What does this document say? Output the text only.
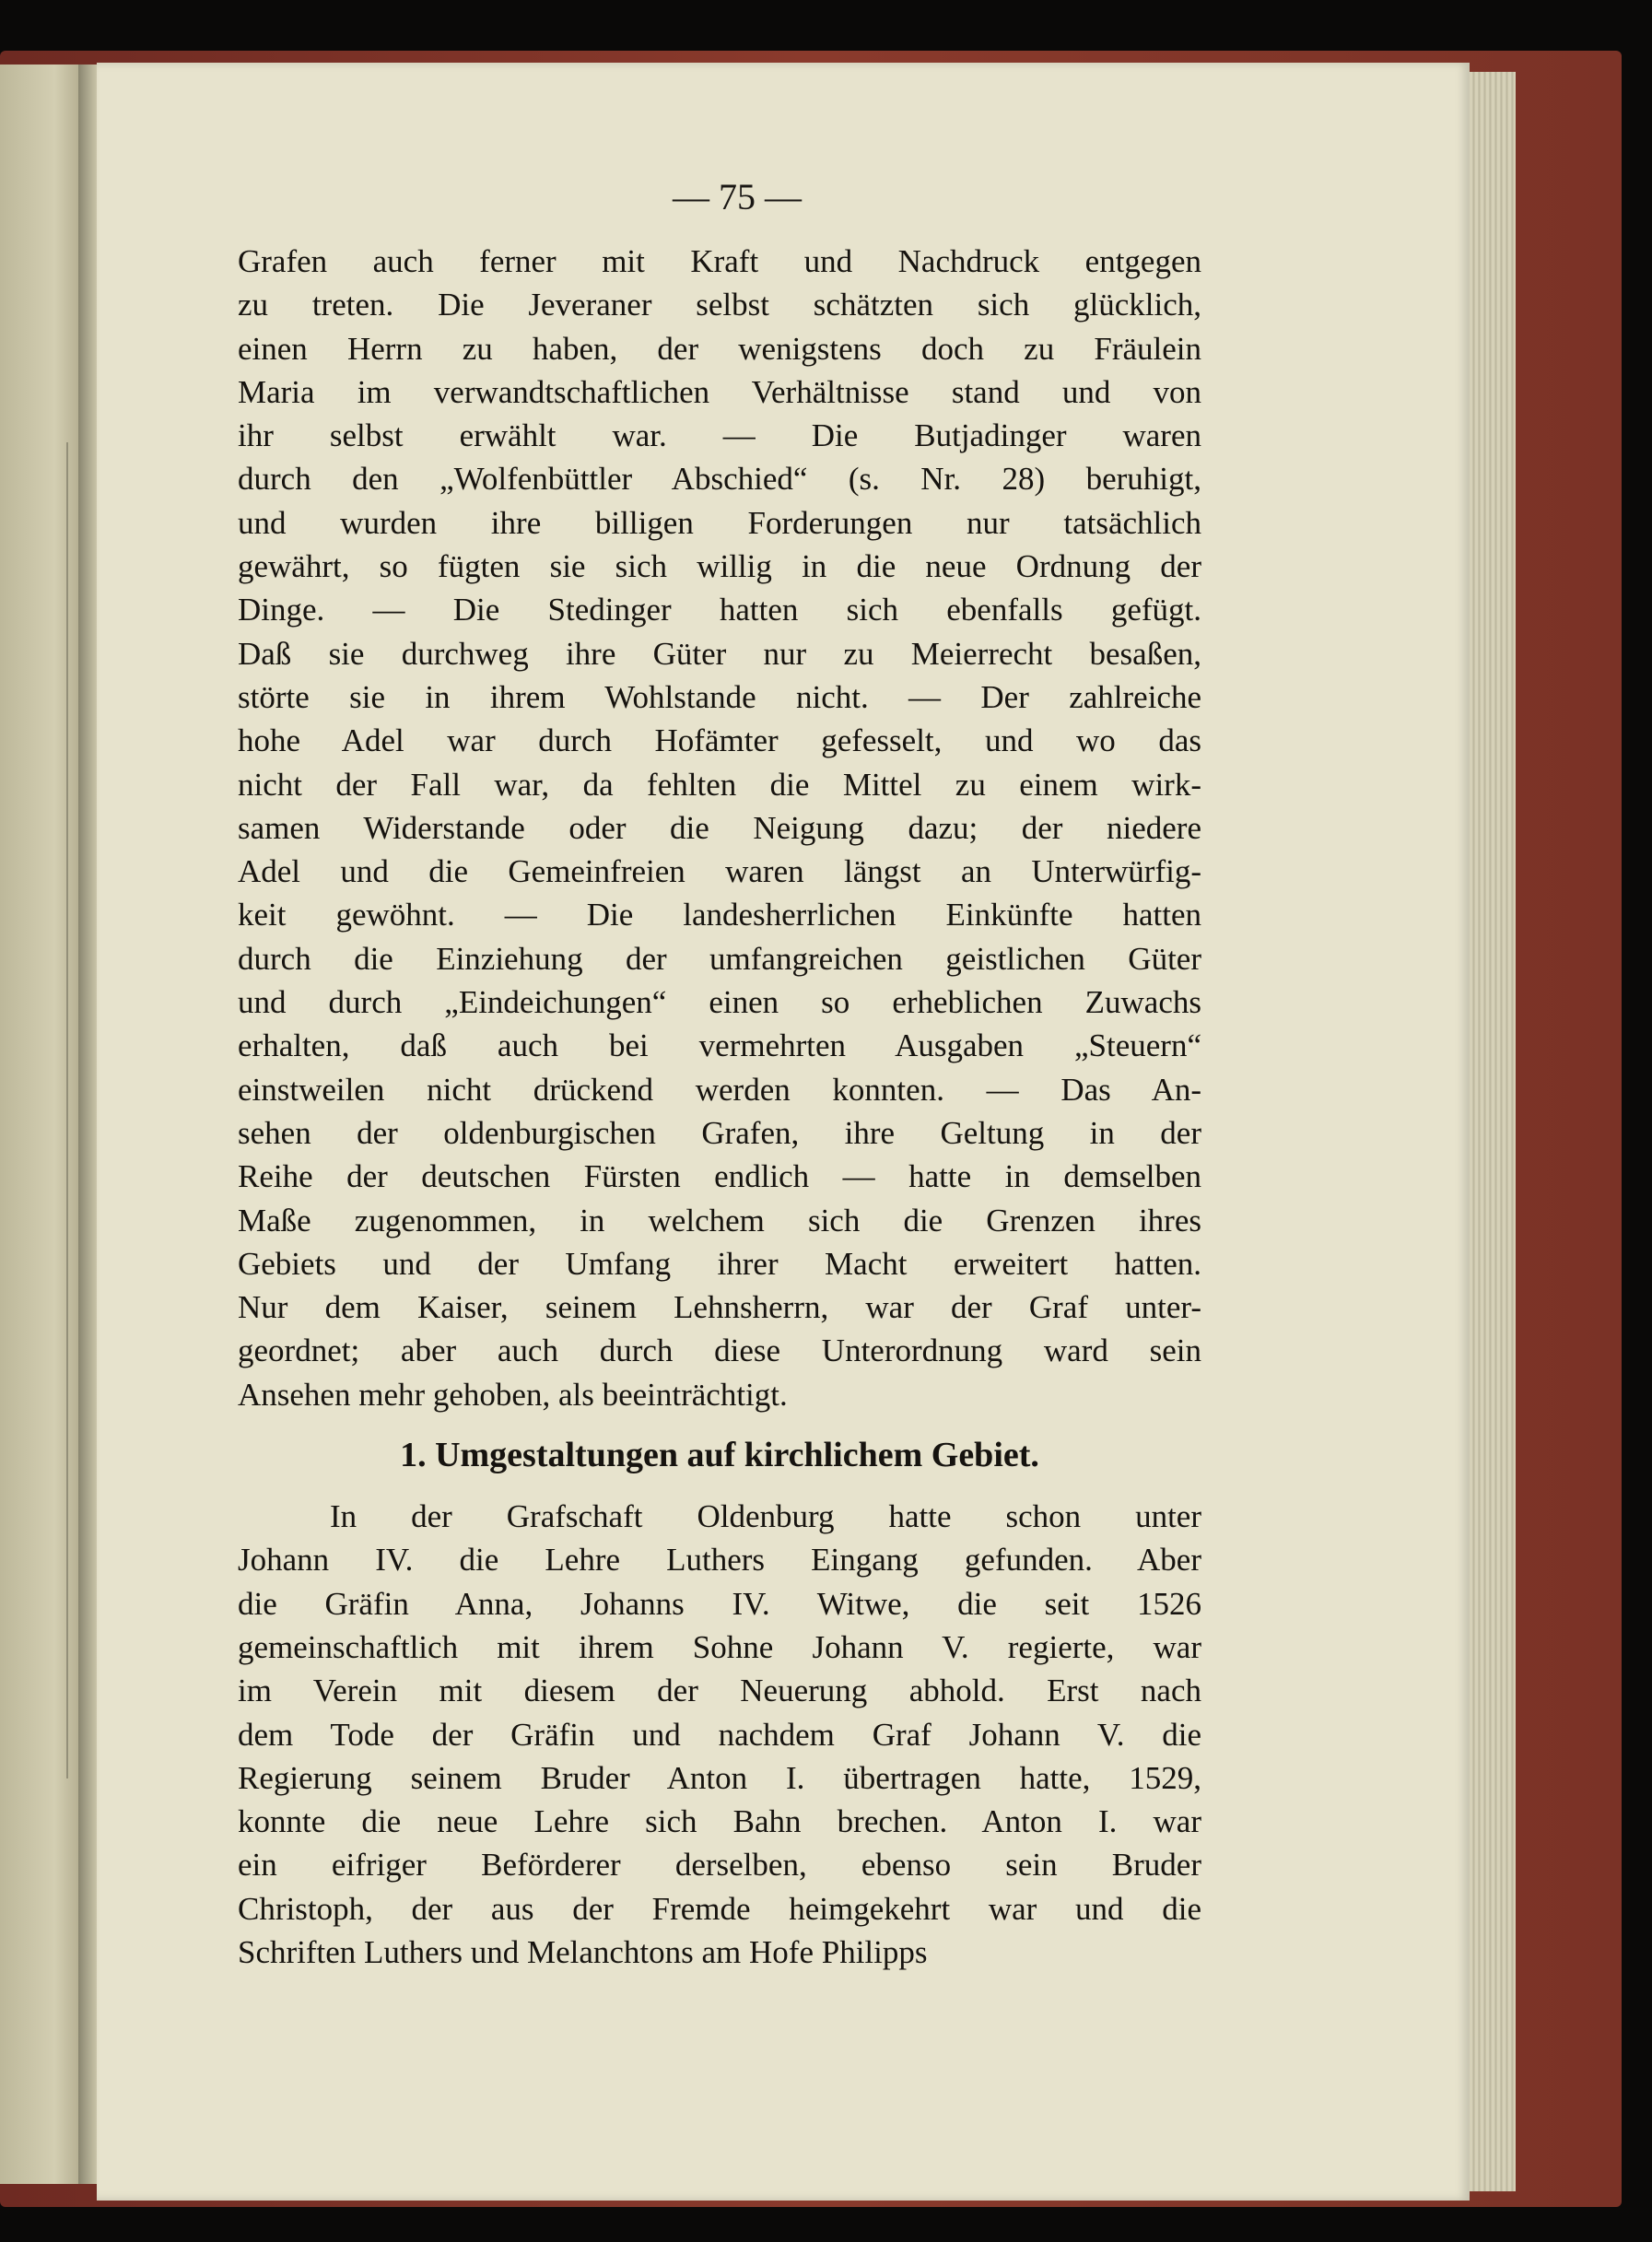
— 75 —
Grafen auch ferner mit Kraft und Nachdruck entgegen
zu treten. Die Jeveraner selbst schätzten sich glücklich,
einen Herrn zu haben, der wenigstens doch zu Fräulein
Maria im verwandtschaftlichen Verhältnisse stand und von
ihr selbst erwählt war. — Die Butjadinger waren
durch den „Wolfenbüttler Abschied“ (s. Nr. 28) beruhigt,
und wurden ihre billigen Forderungen nur tatsächlich
gewährt, so fügten sie sich willig in die neue Ordnung der
Dinge. — Die Stedinger hatten sich ebenfalls gefügt.
Daß sie durchweg ihre Güter nur zu Meierrecht besaßen,
störte sie in ihrem Wohlstande nicht. — Der zahlreiche
hohe Adel war durch Hofämter gefesselt, und wo das
nicht der Fall war, da fehlten die Mittel zu einem wirk-
samen Widerstande oder die Neigung dazu; der niedere
Adel und die Gemeinfreien waren längst an Unterwürfig-
keit gewöhnt. — Die landesherrlichen Einkünfte hatten
durch die Einziehung der umfangreichen geistlichen Güter
und durch „Eindeichungen“ einen so erheblichen Zuwachs
erhalten, daß auch bei vermehrten Ausgaben „Steuern“
einstweilen nicht drückend werden konnten. — Das An-
sehen der oldenburgischen Grafen, ihre Geltung in der
Reihe der deutschen Fürsten endlich — hatte in demselben
Maße zugenommen, in welchem sich die Grenzen ihres
Gebiets und der Umfang ihrer Macht erweitert hatten.
Nur dem Kaiser, seinem Lehnsherrn, war der Graf unter-
geordnet; aber auch durch diese Unterordnung ward sein
Ansehen mehr gehoben, als beeinträchtigt.
1. Umgestaltungen auf kirchlichem Gebiet.
In der Grafschaft Oldenburg hatte schon unter
Johann IV. die Lehre Luthers Eingang gefunden. Aber
die Gräfin Anna, Johanns IV. Witwe, die seit 1526
gemeinschaftlich mit ihrem Sohne Johann V. regierte, war
im Verein mit diesem der Neuerung abhold. Erst nach
dem Tode der Gräfin und nachdem Graf Johann V. die
Regierung seinem Bruder Anton I. übertragen hatte, 1529,
konnte die neue Lehre sich Bahn brechen. Anton I. war
ein eifriger Beförderer derselben, ebenso sein Bruder
Christoph, der aus der Fremde heimgekehrt war und die
Schriften Luthers und Melanchtons am Hofe Philipps
